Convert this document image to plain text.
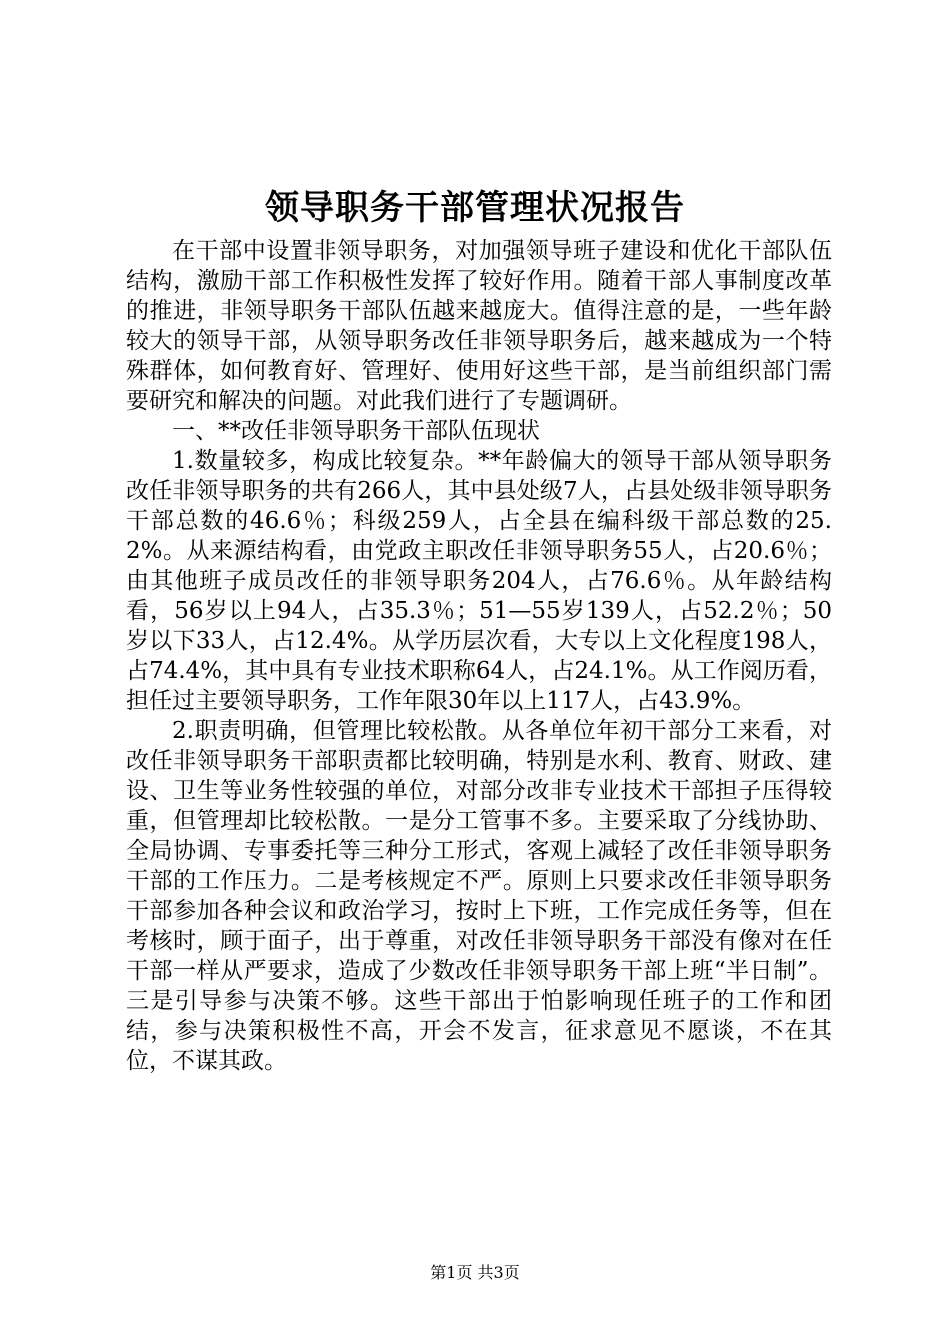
领导职务干部管理状况报告

在干部中设置非领导职务，对加强领导班子建设和优化干部队伍结构，激励干部工作积极性发挥了较好作用。随着干部人事制度改革的推进，非领导职务干部队伍越来越庞大。值得注意的是，一些年龄较大的领导干部，从领导职务改任非领导职务后，越来越成为一个特殊群体，如何教育好、管理好、使用好这些干部，是当前组织部门需要研究和解决的问题。对此我们进行了专题调研。

一、**改任非领导职务干部队伍现状

1.数量较多，构成比较复杂。**年龄偏大的领导干部从领导职务改任非领导职务的共有266人，其中县处级7人，占县处级非领导职务干部总数的46.6％；科级259人，占全县在编科级干部总数的25.2%。从来源结构看，由党政主职改任非领导职务55人，占20.6％；由其他班子成员改任的非领导职务204人，占76.6％。从年龄结构看，56岁以上94人，占35.3％；51—55岁139人，占52.2％；50岁以下33人，占12.4%。从学历层次看，大专以上文化程度198人，占74.4%，其中具有专业技术职称64人，占24.1%。从工作阅历看，担任过主要领导职务，工作年限30年以上117人，占43.9%。

2.职责明确，但管理比较松散。从各单位年初干部分工来看，对改任非领导职务干部职责都比较明确，特别是水利、教育、财政、建设、卫生等业务性较强的单位，对部分改非专业技术干部担子压得较重，但管理却比较松散。一是分工管事不多。主要采取了分线协助、全局协调、专事委托等三种分工形式，客观上减轻了改任非领导职务干部的工作压力。二是考核规定不严。原则上只要求改任非领导职务干部参加各种会议和政治学习，按时上下班，工作完成任务等，但在考核时，顾于面子，出于尊重，对改任非领导职务干部没有像对在任干部一样从严要求，造成了少数改任非领导职务干部上班“半日制”。三是引导参与决策不够。这些干部出于怕影响现任班子的工作和团结，参与决策积极性不高，开会不发言，征求意见不愿谈，不在其位，不谋其政。

第1页 共3页
